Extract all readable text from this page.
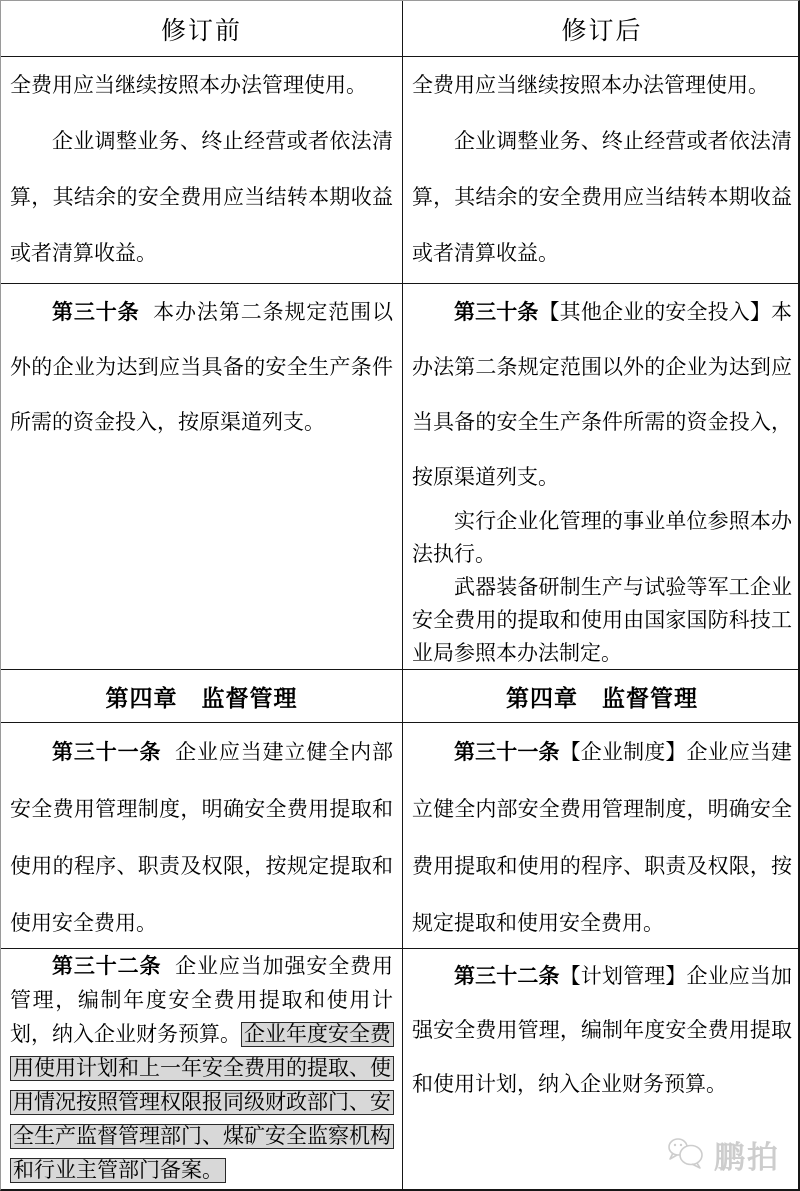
修订前	修订后

全费用应当继续按照本办法管理使用。

企业调整业务、终止经营或者依法清算，其结余的安全费用应当结转本期收益或者清算收益。

全费用应当继续按照本办法管理使用。

企业调整业务、终止经营或者依法清算，其结余的安全费用应当结转本期收益或者清算收益。

第三十条 本办法第二条规定范围以外的企业为达到应当具备的安全生产条件所需的资金投入，按原渠道列支。

第三十条【其他企业的安全投入】本办法第二条规定范围以外的企业为达到应当具备的安全生产条件所需的资金投入，按原渠道列支。

实行企业化管理的事业单位参照本办法执行。

武器装备研制生产与试验等军工企业安全费用的提取和使用由国家国防科技工业局参照本办法制定。

第四章　监督管理	第四章　监督管理

第三十一条 企业应当建立健全内部安全费用管理制度，明确安全费用提取和使用的程序、职责及权限，按规定提取和使用安全费用。

第三十一条【企业制度】企业应当建立健全内部安全费用管理制度，明确安全费用提取和使用的程序、职责及权限，按规定提取和使用安全费用。

第三十二条 企业应当加强安全费用管理，编制年度安全费用提取和使用计划，纳入企业财务预算。 企业年度安全费用使用计划和上一年安全费用的提取、使用情况按照管理权限报同级财政部门、安全生产监督管理部门、煤矿安全监察机构和行业主管部门备案。

第三十二条【计划管理】企业应当加强安全费用管理，编制年度安全费用提取和使用计划，纳入企业财务预算。

鹏拍
